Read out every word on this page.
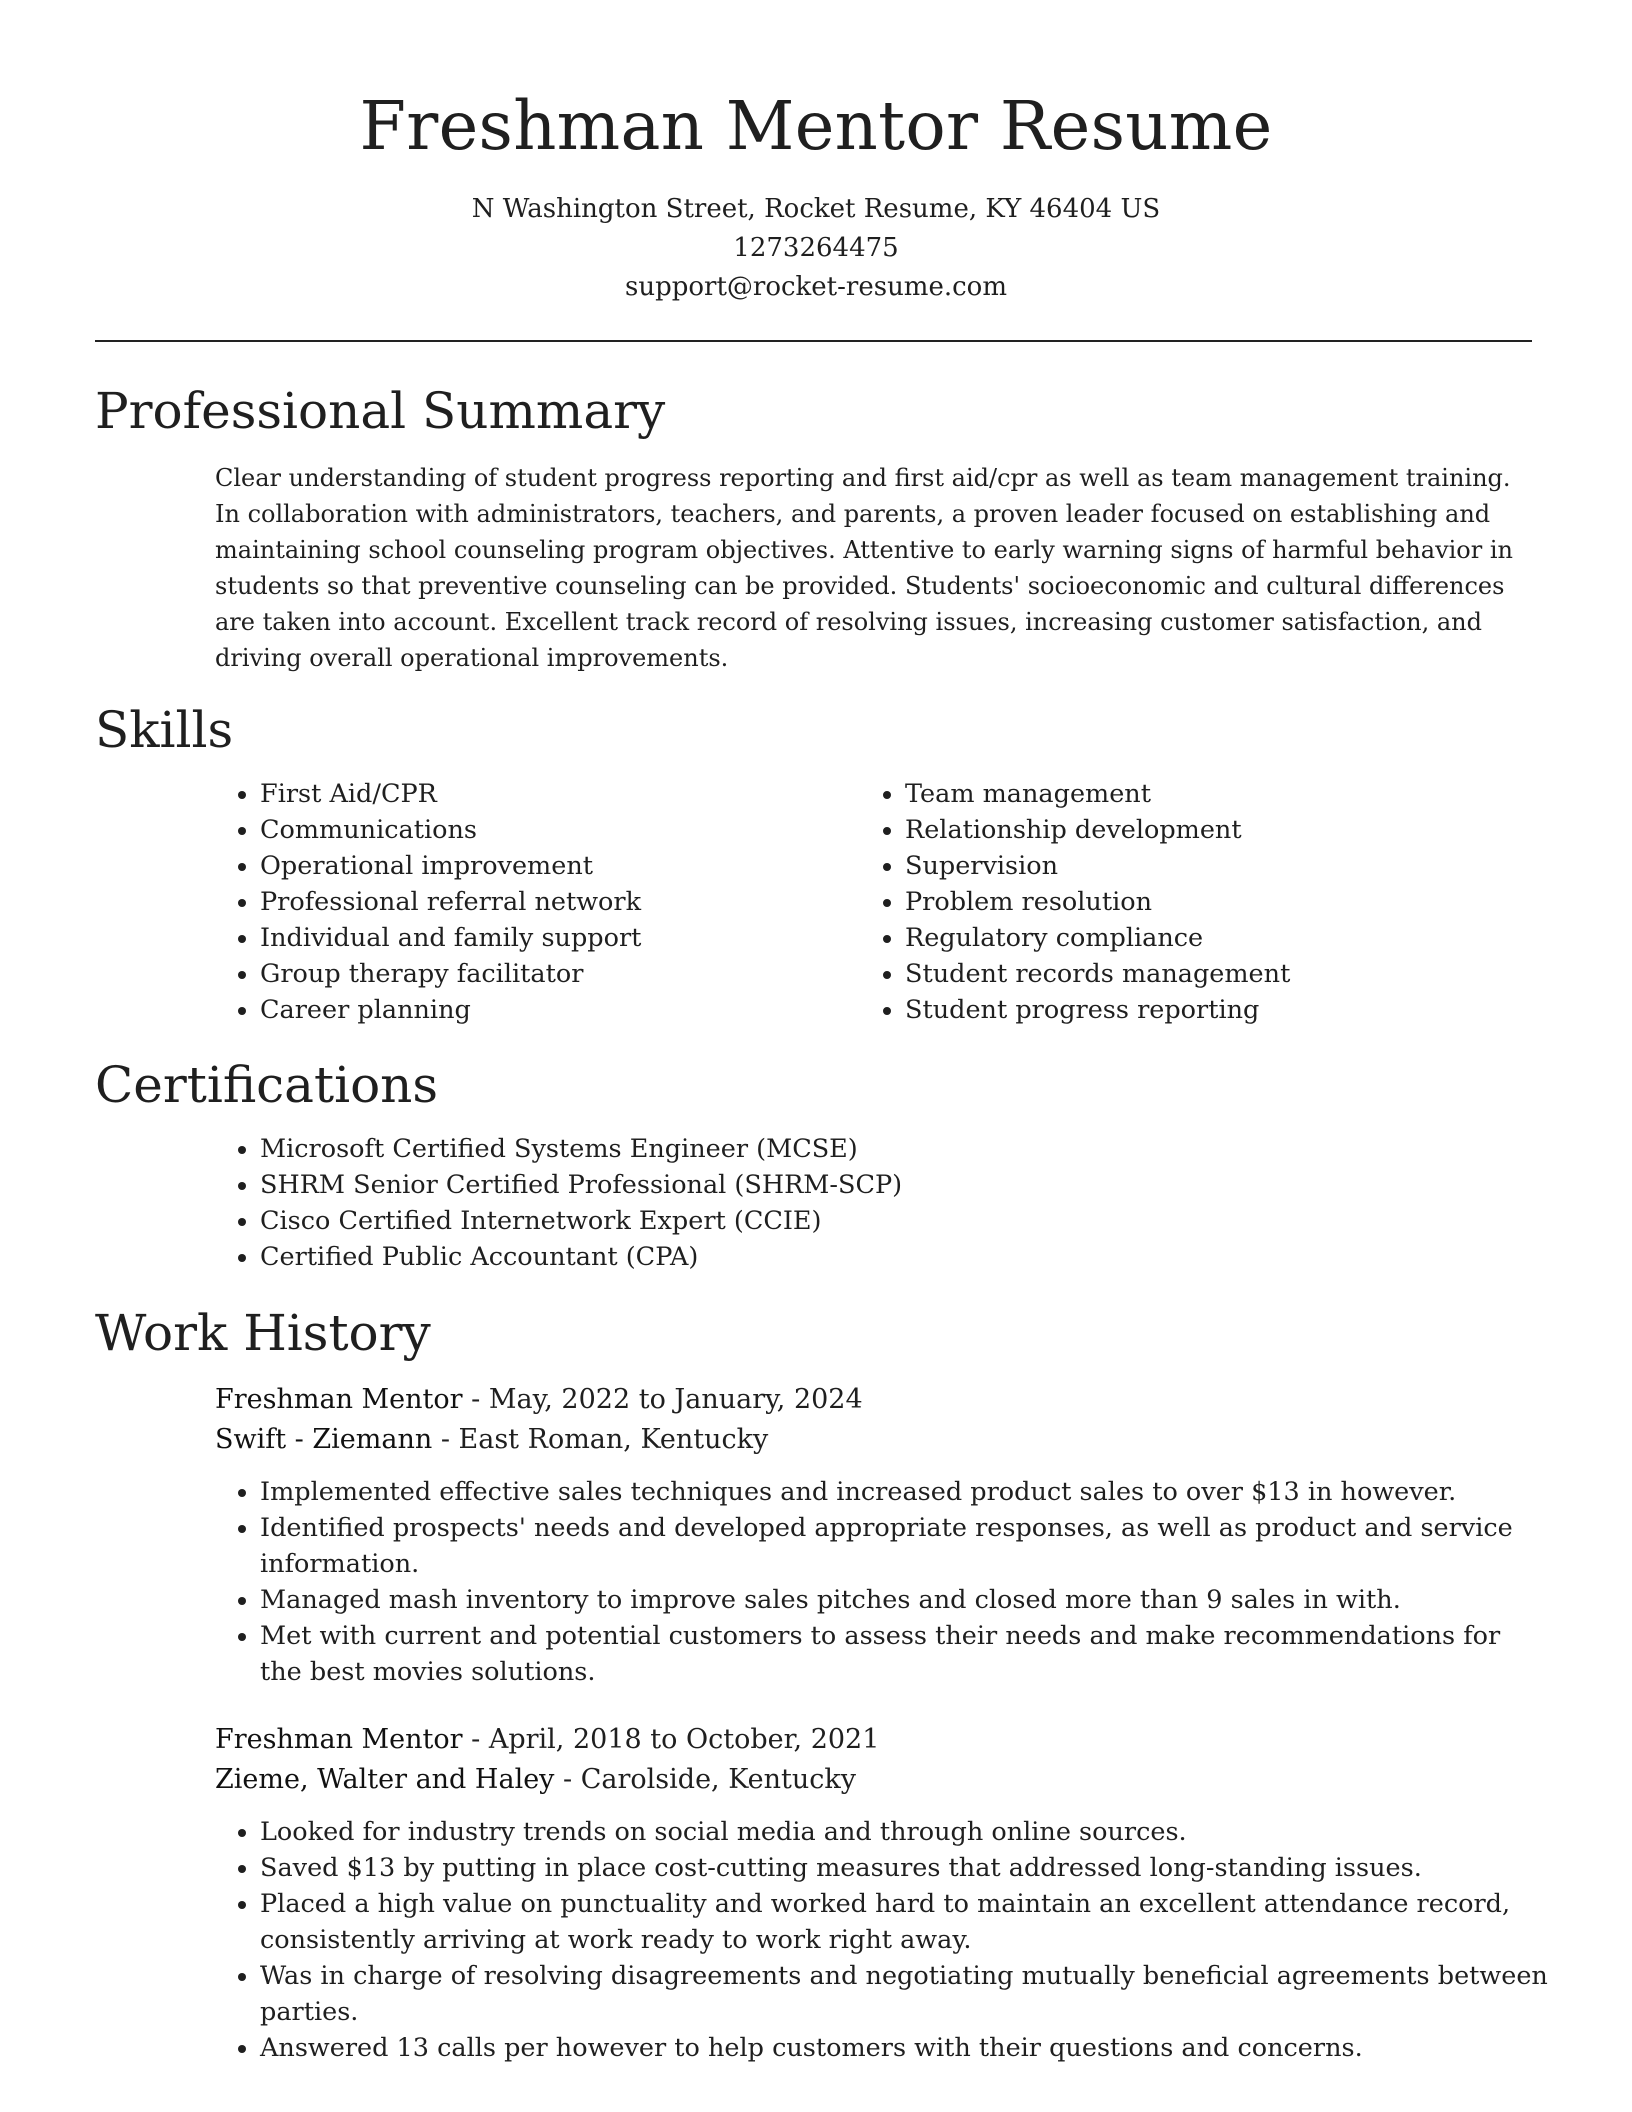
Freshman Mentor Resume
N Washington Street, Rocket Resume, KY 46404 US
1273264475
support@rocket-resume.com
Professional Summary

Clear understanding of student progress reporting and first aid/cpr as well as team management training. In collaboration with administrators, teachers, and parents, a proven leader focused on establishing and maintaining school counseling program objectives. Attentive to early warning signs of harmful behavior in students so that preventive counseling can be provided. Students' socioeconomic and cultural differences are taken into account. Excellent track record of resolving issues, increasing customer satisfaction, and driving overall operational improvements.

Skills
• First Aid/CPR
• Communications
• Operational improvement
• Professional referral network
• Individual and family support
• Group therapy facilitator
• Career planning
• Team management
• Relationship development
• Supervision
• Problem resolution
• Regulatory compliance
• Student records management
• Student progress reporting
Certifications
• Microsoft Certified Systems Engineer (MCSE)
• SHRM Senior Certified Professional (SHRM-SCP)
• Cisco Certified Internetwork Expert (CCIE)
• Certified Public Accountant (CPA)
Work History
Freshman Mentor - May, 2022 to January, 2024
Swift - Ziemann - East Roman, Kentucky
• Implemented effective sales techniques and increased product sales to over $13 in however.
• Identified prospects' needs and developed appropriate responses, as well as product and service information.
• Managed mash inventory to improve sales pitches and closed more than 9 sales in with.
• Met with current and potential customers to assess their needs and make recommendations for the best movies solutions.
Freshman Mentor - April, 2018 to October, 2021
Zieme, Walter and Haley - Carolside, Kentucky
• Looked for industry trends on social media and through online sources.
• Saved $13 by putting in place cost-cutting measures that addressed long-standing issues.
• Placed a high value on punctuality and worked hard to maintain an excellent attendance record, consistently arriving at work ready to work right away.
• Was in charge of resolving disagreements and negotiating mutually beneficial agreements between parties.
• Answered 13 calls per however to help customers with their questions and concerns.
